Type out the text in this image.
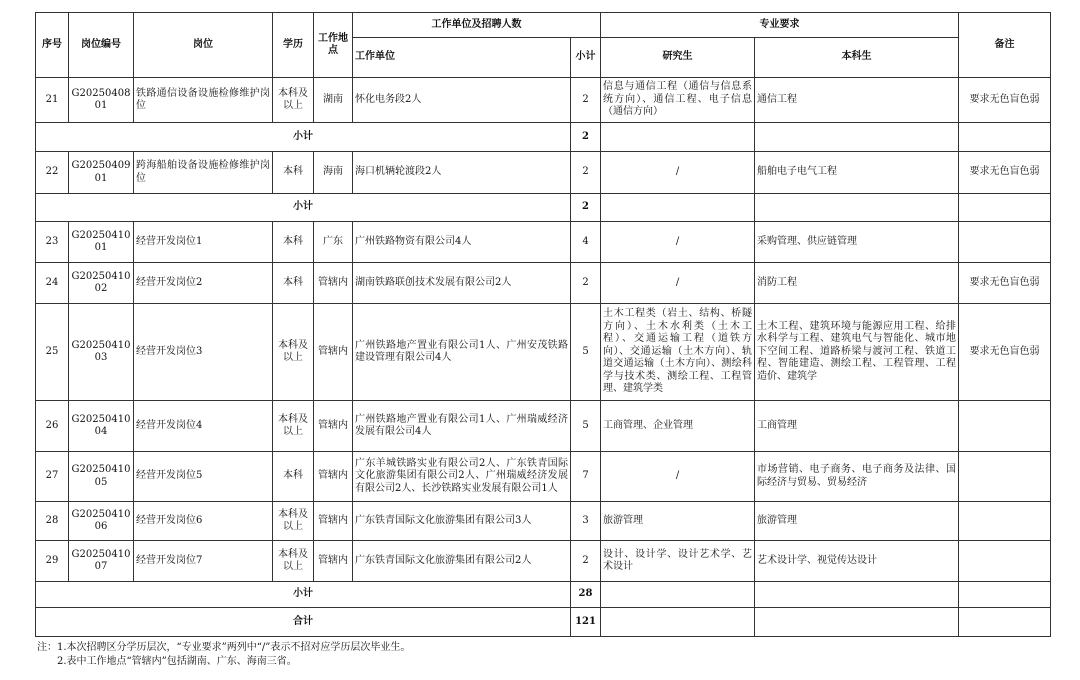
序号	岗位编号	岗位	学历	工作地点	工作单位及招聘人数		专业要求		备注
					工作单位	小计	研究生	本科生	
21	G2025040801	铁路通信设备设施检修维护岗位	本科及以上	湖南	怀化电务段2人	2	信息与通信工程（通信与信息系统方向）、通信工程、电子信息（通信方向）	通信工程	要求无色盲色弱
小计						2			
22	G2025040901	跨海船舶设备设施检修维护岗位	本科	海南	海口机辆轮渡段2人	2	/	船舶电子电气工程	要求无色盲色弱
小计						2			
23	G2025041001	经营开发岗位1	本科	广东	广州铁路物资有限公司4人	4	/	采购管理、供应链管理	
24	G2025041002	经营开发岗位2	本科	管辖内	湖南铁路联创技术发展有限公司2人	2	/	消防工程	要求无色盲色弱
25	G2025041003	经营开发岗位3	本科及以上	管辖内	广州铁路地产置业有限公司1人、广州安茂铁路建设管理有限公司4人	5	土木工程类（岩土、结构、桥隧方向）、土木水利类（土木工程）、交通运输工程（道铁方向）、交通运输（土木方向）、轨道交通运输（土木方向）、测绘科学与技术类、测绘工程、工程管理、建筑学类	土木工程、建筑环境与能源应用工程、给排水科学与工程、建筑电气与智能化、城市地下空间工程、道路桥梁与渡河工程、铁道工程、智能建造、测绘工程、工程管理、工程造价、建筑学	要求无色盲色弱
26	G2025041004	经营开发岗位4	本科及以上	管辖内	广州铁路地产置业有限公司1人、广州瑞威经济发展有限公司4人	5	工商管理、企业管理	工商管理	
27	G2025041005	经营开发岗位5	本科	管辖内	广东羊城铁路实业有限公司2人、广东铁青国际文化旅游集团有限公司2人、广州瑞威经济发展有限公司2人、长沙铁路实业发展有限公司1人	7	/	市场营销、电子商务、电子商务及法律、国际经济与贸易、贸易经济	
28	G2025041006	经营开发岗位6	本科及以上	管辖内	广东铁青国际文化旅游集团有限公司3人	3	旅游管理	旅游管理	
29	G2025041007	经营开发岗位7	本科及以上	管辖内	广东铁青国际文化旅游集团有限公司2人	2	设计、设计学、设计艺术学、艺术设计	艺术设计学、视觉传达设计	
小计						28			
合计						121			
注：1.本次招聘区分学历层次，“专业要求”两列中“/”表示不招对应学历层次毕业生。
2.表中工作地点“管辖内”包括湖南、广东、海南三省。
